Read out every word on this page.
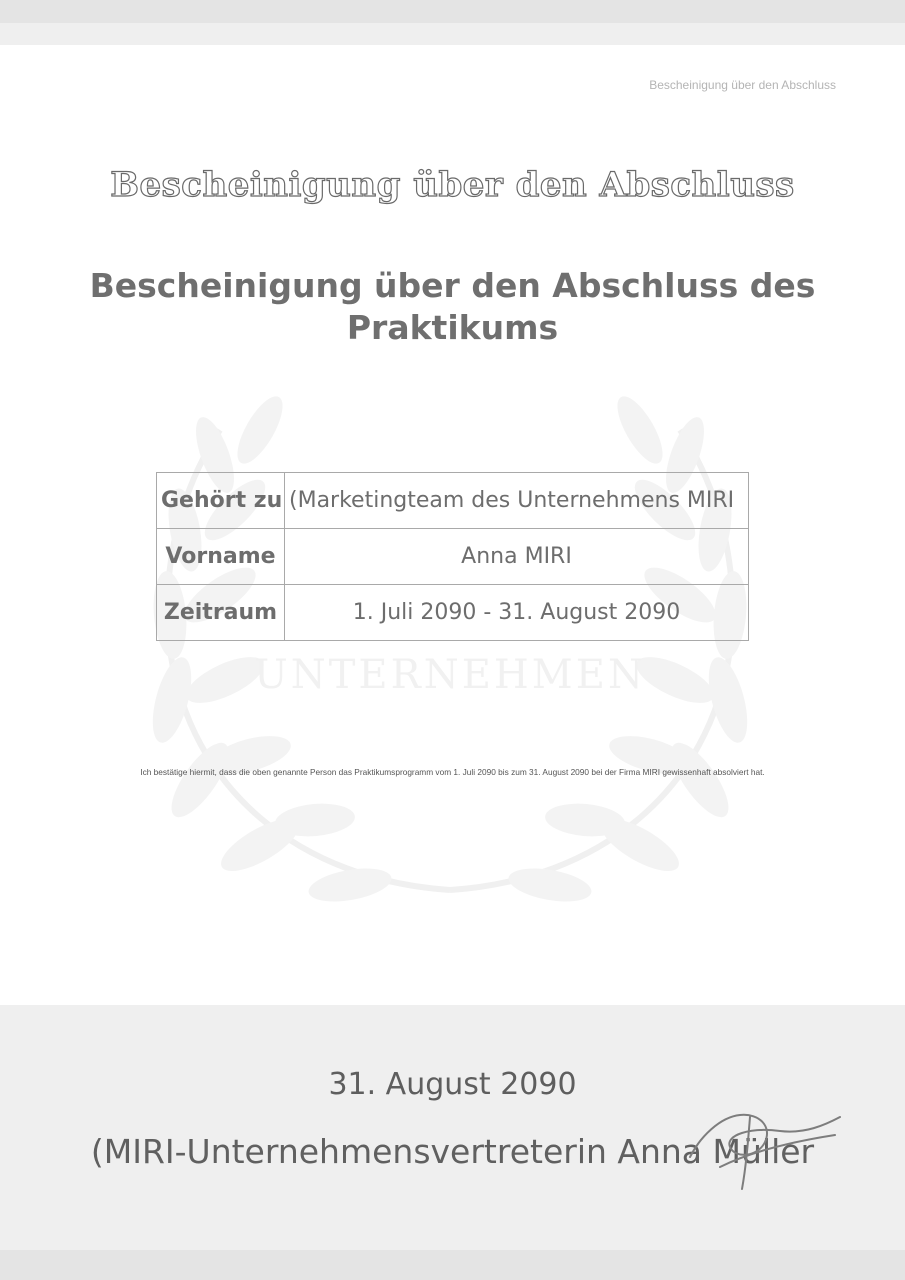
Bescheinigung über den Abschluss
UNTERNEHMEN
Bescheinigung über den Abschluss
Bescheinigung über den Abschluss des Praktikums
Gehört zu	(Marketingteam des Unternehmens MIRI
Vorname	Anna MIRI
Zeitraum	1. Juli 2090 - 31. August 2090
Ich bestätige hiermit, dass die oben genannte Person das Praktikumsprogramm vom 1. Juli 2090 bis zum 31. August 2090 bei der Firma MIRI gewissenhaft absolviert hat.
31. August 2090
(MIRI-Unternehmensvertreterin Anna Müller
